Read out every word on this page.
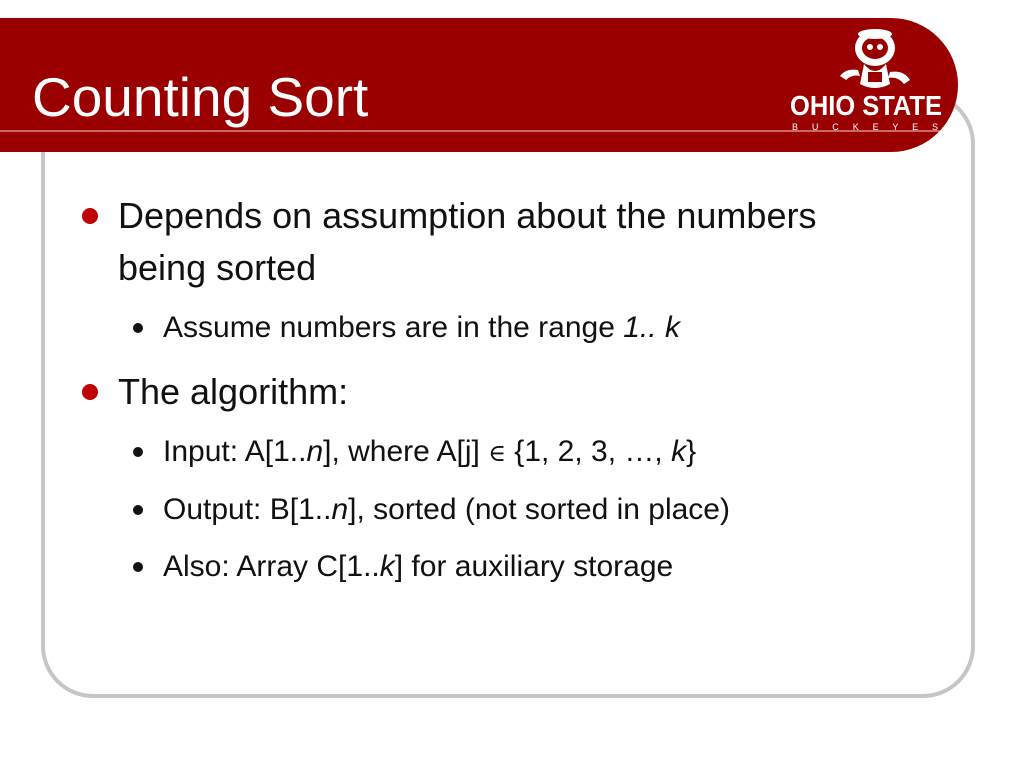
Counting Sort	OHIO STATE
B U C K E Y E S TM
Depends on assumption about the numbers being sorted
Assume numbers are in the range 1.. k
The algorithm:
Input: A[1..n], where A[j] ∈ {1, 2, 3, …, k}
Output: B[1..n], sorted (not sorted in place)
Also: Array C[1..k] for auxiliary storage
